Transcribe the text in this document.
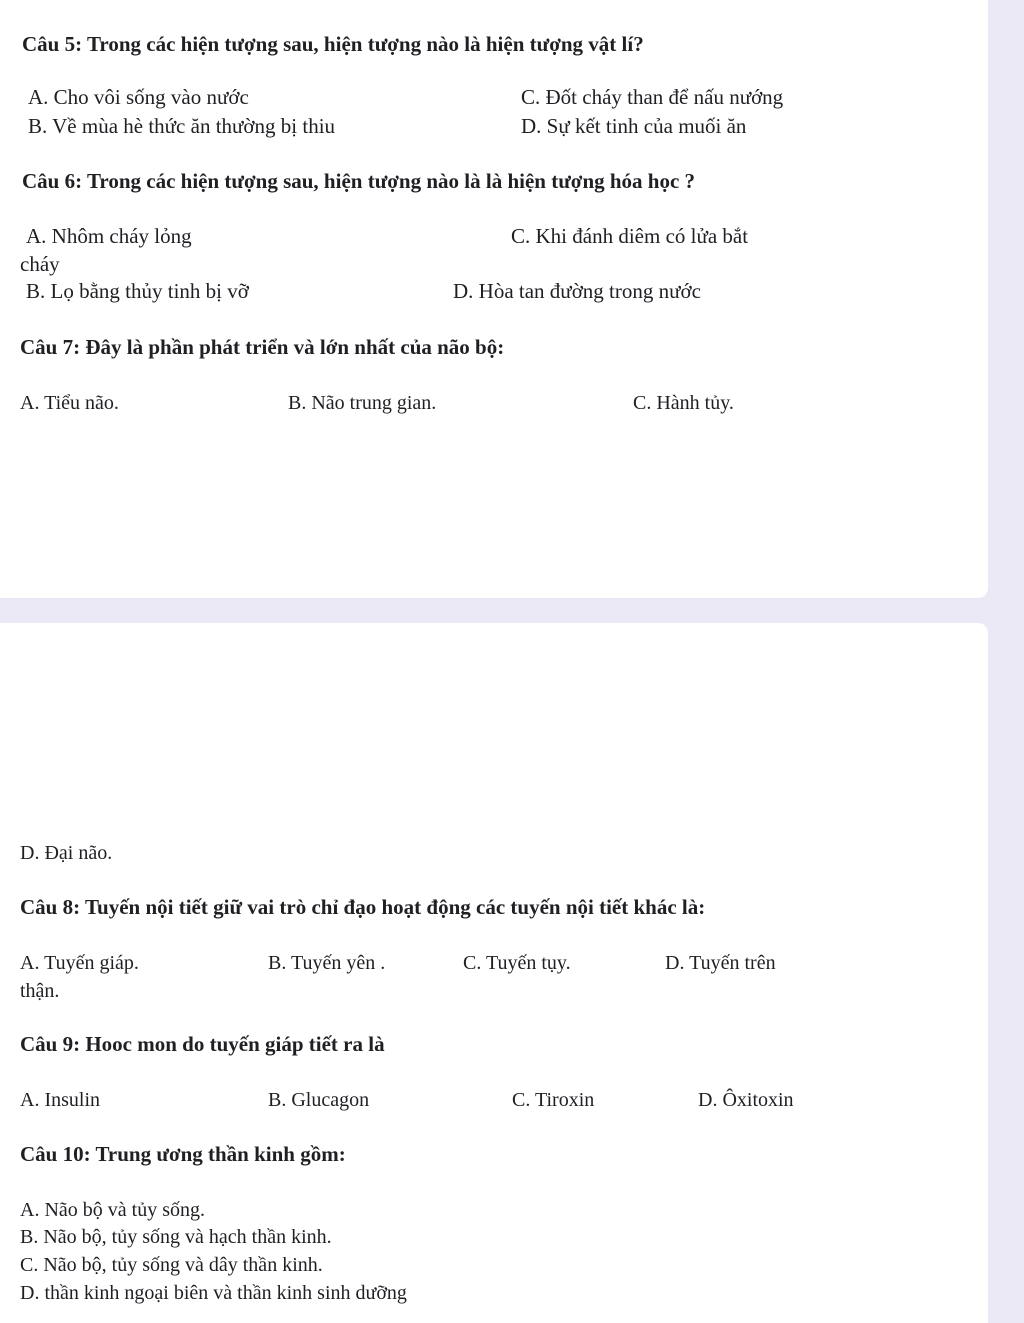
Câu 5: Trong các hiện tượng sau, hiện tượng nào là hiện tượng vật lí?
A. Cho vôi sống vào nước	C. Đốt cháy than để nấu nướng
B. Về mùa hè thức ăn thường bị thiu	D. Sự kết tinh của muối ăn
Câu 6: Trong các hiện tượng sau, hiện tượng nào là là hiện tượng hóa học ?
A. Nhôm cháy lỏng	C. Khi đánh diêm có lửa bắt
cháy
B. Lọ bằng thủy tinh bị vỡ	D. Hòa tan đường trong nước
Câu 7: Đây là phần phát triển và lớn nhất của não bộ:
A. Tiểu não.	B. Não trung gian.	C. Hành tủy.
D. Đại não.
Câu 8: Tuyến nội tiết giữ vai trò chỉ đạo hoạt động các tuyến nội tiết khác là:
A. Tuyến giáp.	B. Tuyến yên .	C. Tuyến tụy.	D. Tuyến trên
thận.
Câu 9: Hooc mon do tuyến giáp tiết ra là
A. Insulin	B. Glucagon	C. Tiroxin	D. Ôxitoxin
Câu 10: Trung ương thần kinh gồm:
A. Não bộ và tủy sống.
B. Não bộ, tủy sống và hạch thần kinh.
C. Não bộ, tủy sống và dây thần kinh.
D. thần kinh ngoại biên và thần kinh sinh dưỡng
